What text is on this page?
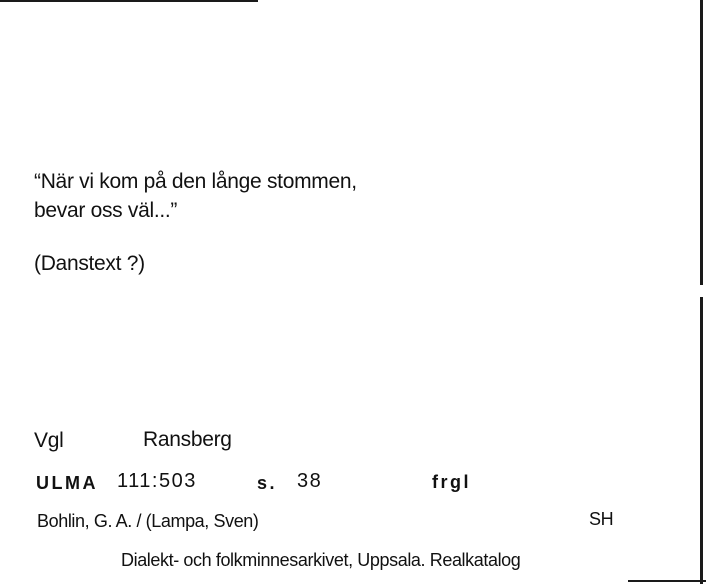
“När vi kom på den långe stommen,
bevar oss väl...”
(Danstext ?)
Vgl	Ransberg
ULMA 111:503	s. 38	frgl
Bohlin, G. A. / (Lampa, Sven)	SH
Dialekt- och folkminnesarkivet, Uppsala. Realkatalog
